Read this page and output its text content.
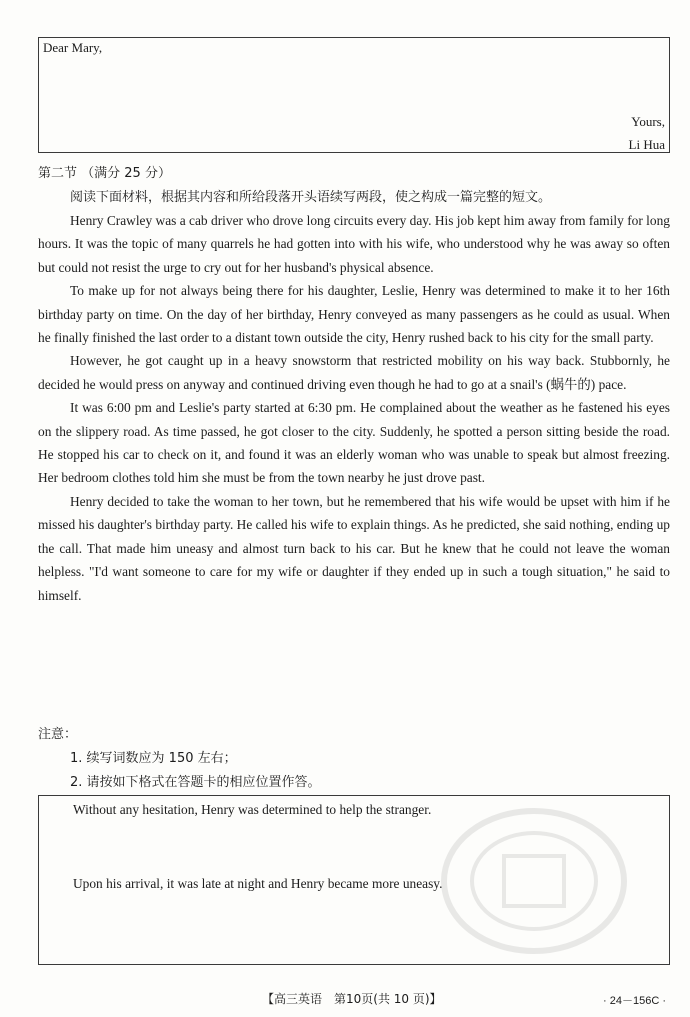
Dear Mary,
Yours,
Li Hua
第二节 （满分 25 分）
阅读下面材料，根据其内容和所给段落开头语续写两段，使之构成一篇完整的短文。

Henry Crawley was a cab driver who drove long circuits every day. His job kept him away from family for long hours. It was the topic of many quarrels he had gotten into with his wife, who understood why he was away so often but could not resist the urge to cry out for her husband's physical absence.

To make up for not always being there for his daughter, Leslie, Henry was determined to make it to her 16th birthday party on time. On the day of her birthday, Henry conveyed as many passengers as he could as usual. When he finally finished the last order to a distant town outside the city, Henry rushed back to his city for the small party.

However, he got caught up in a heavy snowstorm that restricted mobility on his way back. Stubbornly, he decided he would press on anyway and continued driving even though he had to go at a snail's (蜗牛的) pace.

It was 6:00 pm and Leslie's party started at 6:30 pm. He complained about the weather as he fastened his eyes on the slippery road. As time passed, he got closer to the city. Suddenly, he spotted a person sitting beside the road. He stopped his car to check on it, and found it was an elderly woman who was unable to speak but almost freezing. Her bedroom clothes told him she must be from the town nearby he just drove past.

Henry decided to take the woman to her town, but he remembered that his wife would be upset with him if he missed his daughter's birthday party. He called his wife to explain things. As he predicted, she said nothing, ending up the call. That made him uneasy and almost turn back to his car. But he knew that he could not leave the woman helpless. "I'd want someone to care for my wife or daughter if they ended up in such a tough situation," he said to himself.

注意：
1. 续写词数应为 150 左右；
2. 请按如下格式在答题卡的相应位置作答。
Without any hesitation, Henry was determined to help the stranger.
Upon his arrival, it was late at night and Henry became more uneasy.
【高三英语　第10页(共 10 页)】	· 24－156C ·
